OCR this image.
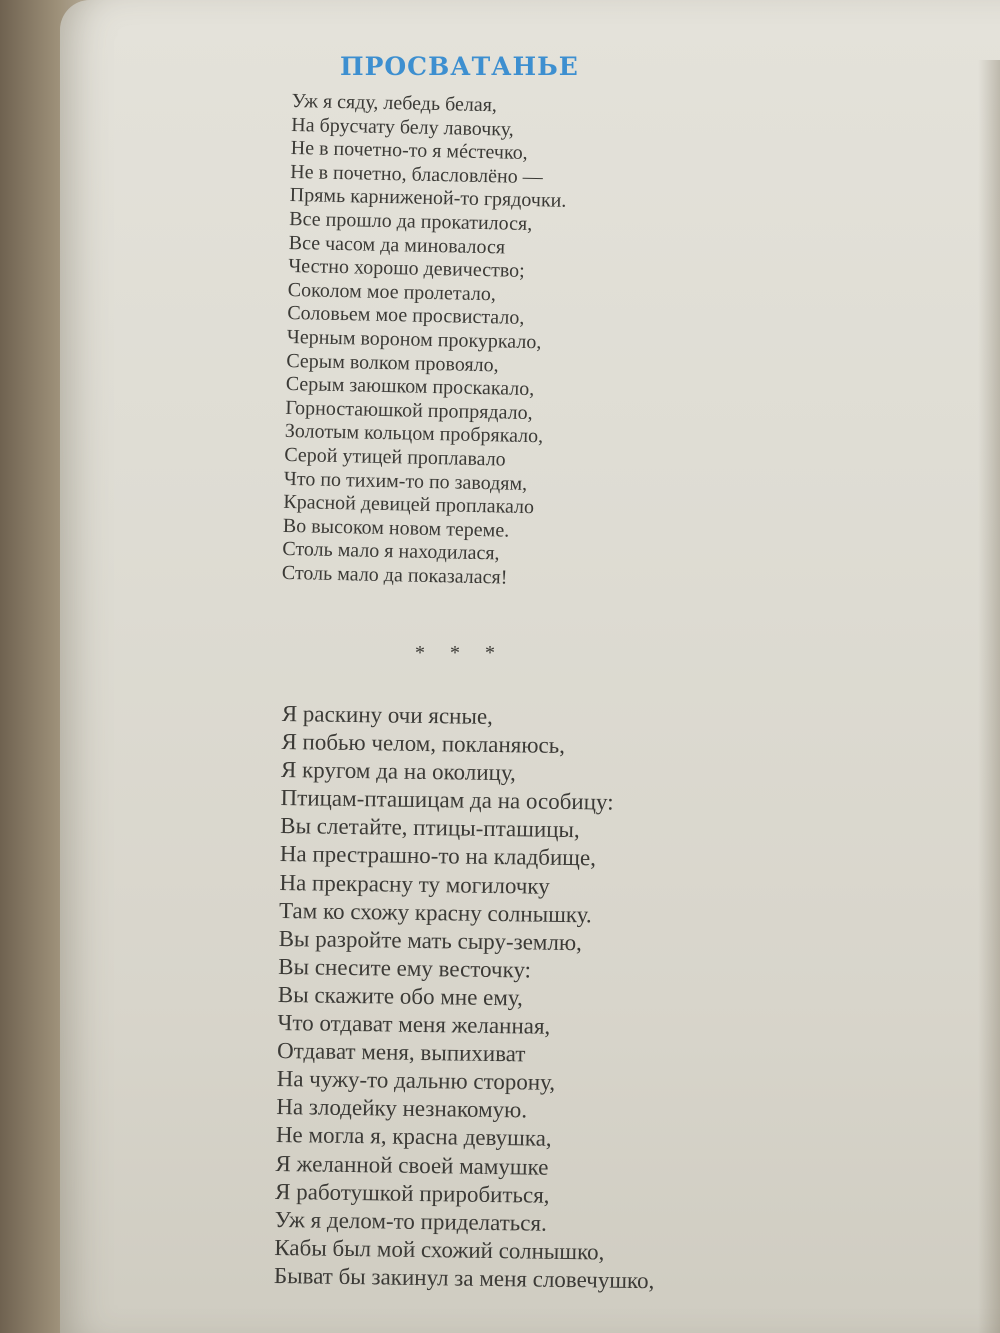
ПРОСВАТАНЬЕ
Уж я сяду, лебедь белая,
На брусчату белу лавочку,
Не в почетно-то я мéстечко,
Не в почетно, бласловлёно —
Прямь карниженой-то грядочки.
Все прошло да прокатилося,
Все часом да миновалося
Честно хорошо девичество;
Соколом мое пролетало,
Соловьем мое просвистало,
Черным вороном прокуркало,
Серым волком провояло,
Серым заюшком проскакало,
Горностаюшкой пропрядало,
Золотым кольцом пробрякало,
Серой утицей проплавало
Что по тихим-то по заводям,
Красной девицей проплакало
Во высоком новом тереме.
Столь мало я находилася,
Столь мало да показалася!

* * *

Я раскину очи ясные,
Я побью челом, покланяюсь,
Я кругом да на околицу,
Птицам-пташицам да на особицу:
Вы слетайте, птицы-пташицы,
На престрашно-то на кладбище,
На прекрасну ту могилочку
Там ко схожу красну солнышку.
Вы разройте мать сыру-землю,
Вы снесите ему весточку:
Вы скажите обо мне ему,
Что отдават меня желанная,
Отдават меня, выпихиват
На чужу-то дальню сторону,
На злодейку незнакомую.
Не могла я, красна девушка,
Я желанной своей мамушке
Я работушкой приробиться,
Уж я делом-то приделаться.
Кабы был мой схожий солнышко,
Быват бы закинул за меня словечушко,
